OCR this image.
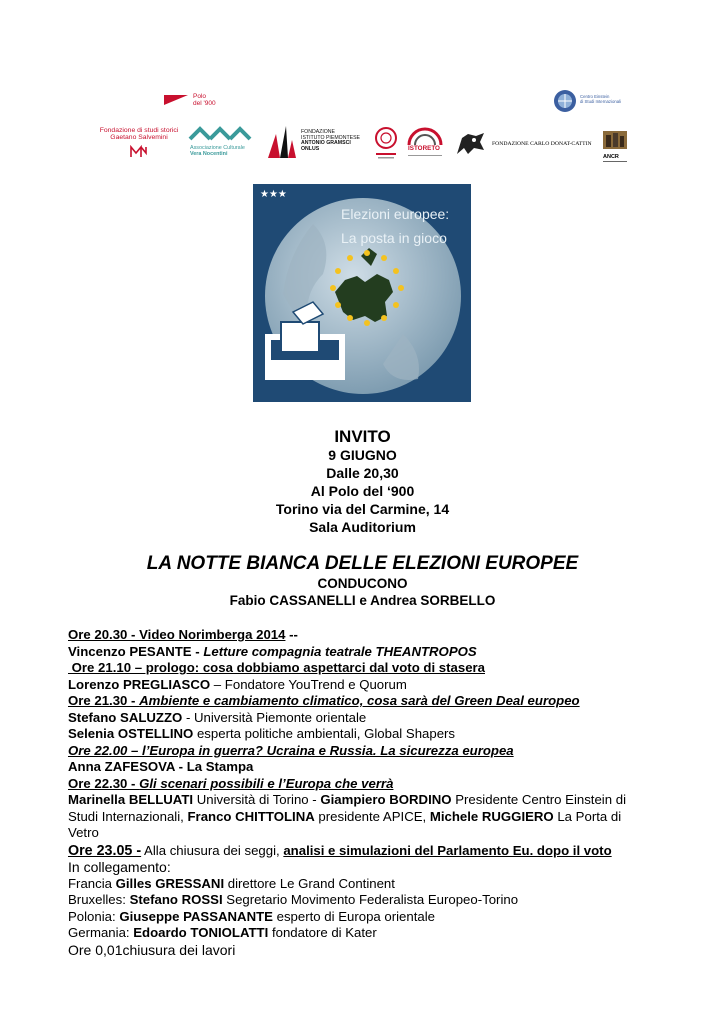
Polo
del '900
Centro Einstein
di Studi Internazionali
Fondazione di studi storici
Gaetano Salvemini
Associazione Culturale
Vera Nocentini
FONDAZIONE
ISTITUTO PIEMONTESE
ANTONIO GRAMSCI
ONLUS	ISTORETO
FONDAZIONE CARLO DONAT-CATTIN
ANCR
★★★
Elezioni europee:
La posta in gioco
INVITO
9 GIUGNO
Dalle 20,30
Al Polo del ‘900
Torino via del Carmine, 14
Sala Auditorium
LA NOTTE BIANCA DELLE ELEZIONI EUROPEE
CONDUCONO
Fabio CASSANELLI e Andrea SORBELLO
Ore 20.30 - Video Norimberga 2014 --
Vincenzo PESANTE - Letture compagnia teatrale THEANTROPOS
Ore 21.10 – prologo: cosa dobbiamo aspettarci dal voto di stasera
Lorenzo PREGLIASCO – Fondatore YouTrend e Quorum
Ore 21.30 - Ambiente e cambiamento climatico, cosa sarà del Green Deal europeo
Stefano SALUZZO - Università Piemonte orientale
Selenia OSTELLINO esperta politiche ambientali, Global Shapers
Ore 22.00 – l’Europa in guerra? Ucraina e Russia. La sicurezza europea
Anna ZAFESOVA - La Stampa
Ore 22.30 - Gli scenari possibili e l’Europa che verrà
Marinella BELLUATI Università di Torino - Giampiero BORDINO Presidente Centro Einstein di Studi Internazionali, Franco CHITTOLINA presidente APICE, Michele RUGGIERO La Porta di Vetro
Ore 23.05 - Alla chiusura dei seggi, analisi e simulazioni del Parlamento Eu. dopo il voto
In collegamento:
Francia Gilles GRESSANI direttore Le Grand Continent
Bruxelles: Stefano ROSSI Segretario Movimento Federalista Europeo-Torino
Polonia: Giuseppe PASSANANTE esperto di Europa orientale
Germania: Edoardo TONIOLATTI fondatore di Kater
Ore 0,01chiusura dei lavori
